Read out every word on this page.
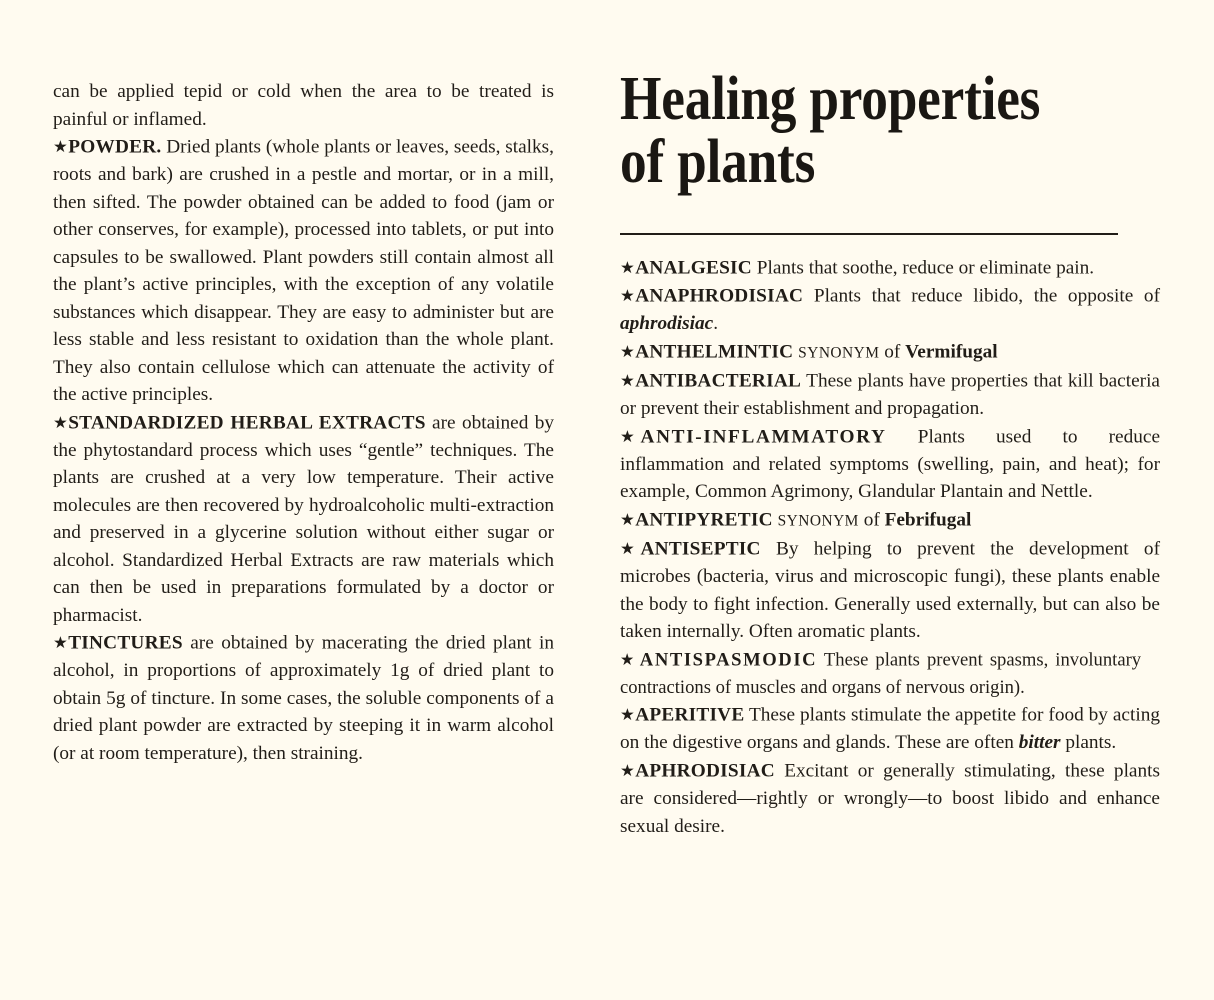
can be applied tepid or cold when the area to be treated is painful or inflamed.

★POWDER. Dried plants (whole plants or leaves, seeds, stalks, roots and bark) are crushed in a pestle and mortar, or in a mill, then sifted. The powder obtained can be added to food (jam or other conserves, for example), processed into tablets, or put into capsules to be swallowed. Plant powders still contain almost all the plant’s active principles, with the exception of any volatile substances which disappear. They are easy to administer but are less stable and less resistant to oxidation than the whole plant. They also contain cellulose which can attenuate the activity of the active principles.

★STANDARDIZED HERBAL EXTRACTS are obtained by the phytostandard process which uses “gentle” techniques. The plants are crushed at a very low temperature. Their active molecules are then recovered by hydroalcoholic multi-extraction and preserved in a glycerine solution without either sugar or alcohol. Standardized Herbal Extracts are raw materials which can then be used in preparations formulated by a doctor or pharmacist.

★TINCTURES are obtained by macerating the dried plant in alcohol, in proportions of approximately 1g of dried plant to obtain 5g of tincture. In some cases, the soluble components of a dried plant powder are extracted by steeping it in warm alcohol (or at room temperature), then straining.

Healing properties
of plants

★ANALGESIC Plants that soothe, reduce or eliminate pain.

★ANAPHRODISIAC Plants that reduce libido, the opposite of aphrodisiac.

★ANTHELMINTIC SYNONYM of Vermifugal

★ANTIBACTERIAL These plants have properties that kill bacteria or prevent their establishment and propagation.

★ANTI-INFLAMMATORY Plants used to reduce inflammation and related symptoms (swelling, pain, and heat); for example, Common Agrimony, Glandular Plantain and Nettle.

★ANTIPYRETIC SYNONYM of Febrifugal

★ANTISEPTIC By helping to prevent the development of microbes (bacteria, virus and microscopic fungi), these plants enable the body to fight infection. Generally used externally, but can also be taken internally. Often aromatic plants.

★ANTISPASMODIC These plants prevent spasms, involuntary contractions of muscles and organs of nervous origin).

★APERITIVE These plants stimulate the appetite for food by acting on the digestive organs and glands. These are often bitter plants.

★APHRODISIAC Excitant or generally stimulating, these plants are considered—rightly or wrongly—to boost libido and enhance sexual desire.
